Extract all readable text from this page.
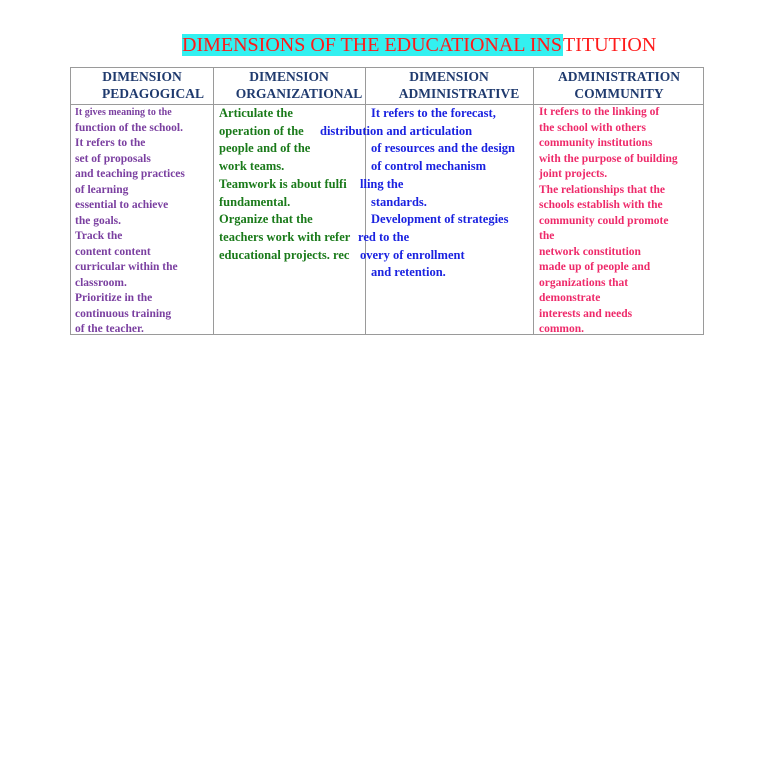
DIMENSIONS OF THE EDUCATIONAL INSTITUTION
DIMENSION
PEDAGOGICAL
DIMENSION
ORGANIZATIONAL
DIMENSION
ADMINISTRATIVE
ADMINISTRATION
COMMUNITY
It gives meaning to the
function of the school.
It refers to the
set of proposals
and teaching practices
of learning
essential to achieve
the goals.
Track the
content content
curricular within the
classroom.
Prioritize in the
continuous training
of the teacher.
Articulate the
operation of the
people and of the
work teams.
Teamwork is about fulfi
fundamental.
Organize that the
teachers work with refer
educational projects. rec
It refers to the forecast,
distribution and articulation
of resources and the design
of control mechanism
lling the
standards.
Development of strategies
red to the
overy of enrollment
and retention.
It refers to the linking of
the school with others
community institutions
with the purpose of building
joint projects.
The relationships that the
schools establish with the
community could promote
the
network constitution
made up of people and
organizations that
demonstrate
interests and needs
common.
